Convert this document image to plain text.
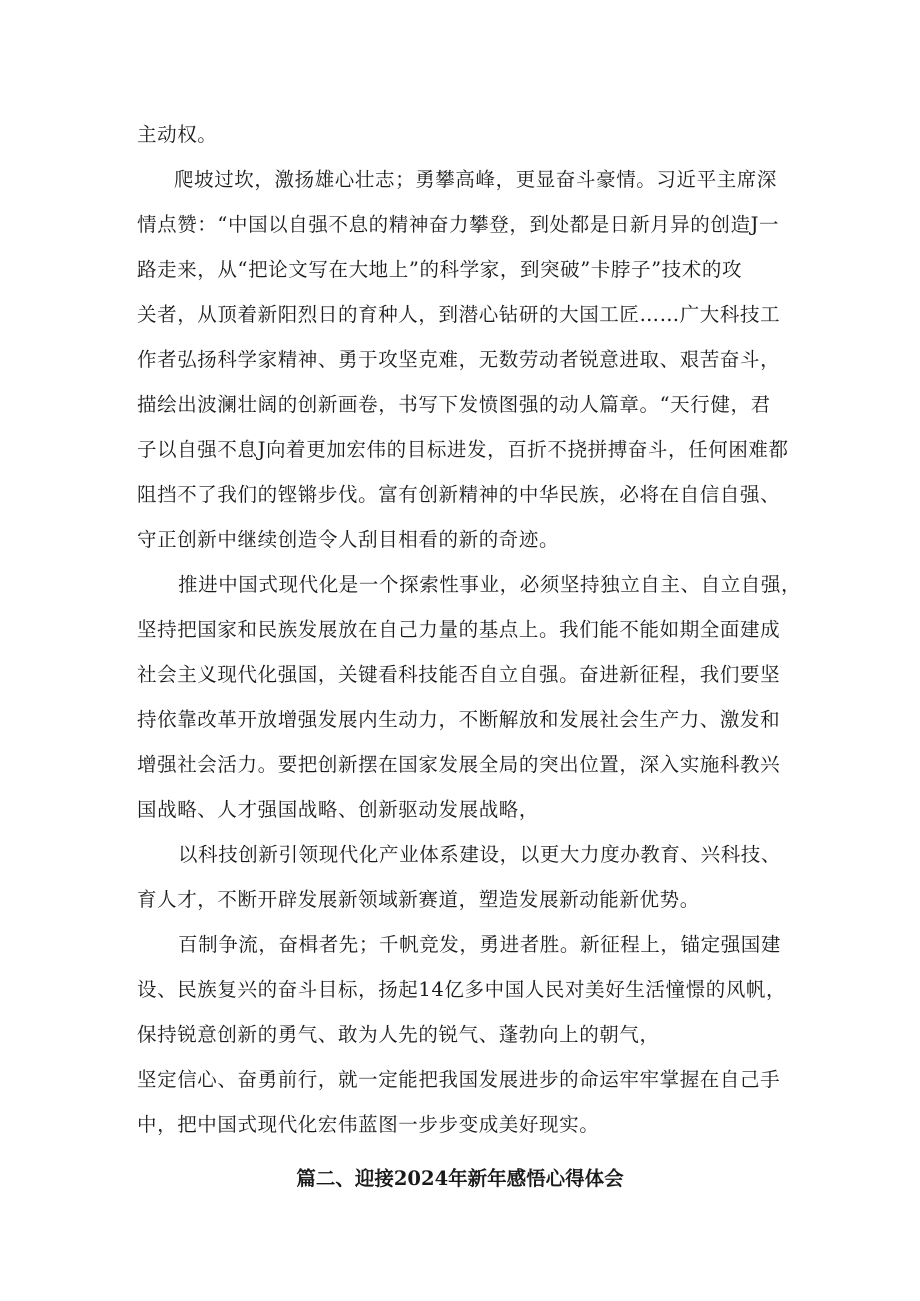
主动权。
爬坡过坎，激扬雄心壮志；勇攀高峰，更显奋斗豪情。习近平主席深
情点赞：“中国以自强不息的精神奋力攀登，到处都是日新月异的创造J一
路走来，从“把论文写在大地上”的科学家，到突破”卡脖子”技术的攻
关者，从顶着新阳烈日的育种人，到潜心钻研的大国工匠……广大科技工
作者弘扬科学家精神、勇于攻坚克难，无数劳动者锐意进取、艰苦奋斗，
描绘出波澜壮阔的创新画卷，书写下发愤图强的动人篇章。“天行健，君
子以自强不息J向着更加宏伟的目标进发，百折不挠拼搏奋斗，任何困难都
阻挡不了我们的铿锵步伐。富有创新精神的中华民族，必将在自信自强、
守正创新中继续创造令人刮目相看的新的奇迹。
推进中国式现代化是一个探索性事业，必须坚持独立自主、自立自强，
坚持把国家和民族发展放在自己力量的基点上。我们能不能如期全面建成
社会主义现代化强国，关键看科技能否自立自强。奋进新征程，我们要坚
持依靠改革开放增强发展内生动力，不断解放和发展社会生产力、激发和
增强社会活力。要把创新摆在国家发展全局的突出位置，深入实施科教兴
国战略、人才强国战略、创新驱动发展战略，
以科技创新引领现代化产业体系建设，以更大力度办教育、兴科技、
育人才，不断开辟发展新领域新赛道，塑造发展新动能新优势。
百制争流，奋楫者先；千帆竞发，勇进者胜。新征程上，锚定强国建
设、民族复兴的奋斗目标，扬起14亿多中国人民对美好生活憧憬的风帆，
保持锐意创新的勇气、敢为人先的锐气、蓬勃向上的朝气，
坚定信心、奋勇前行，就一定能把我国发展进步的命运牢牢掌握在自己手
中，把中国式现代化宏伟蓝图一步步变成美好现实。
篇二、迎接2024年新年感悟心得体会
